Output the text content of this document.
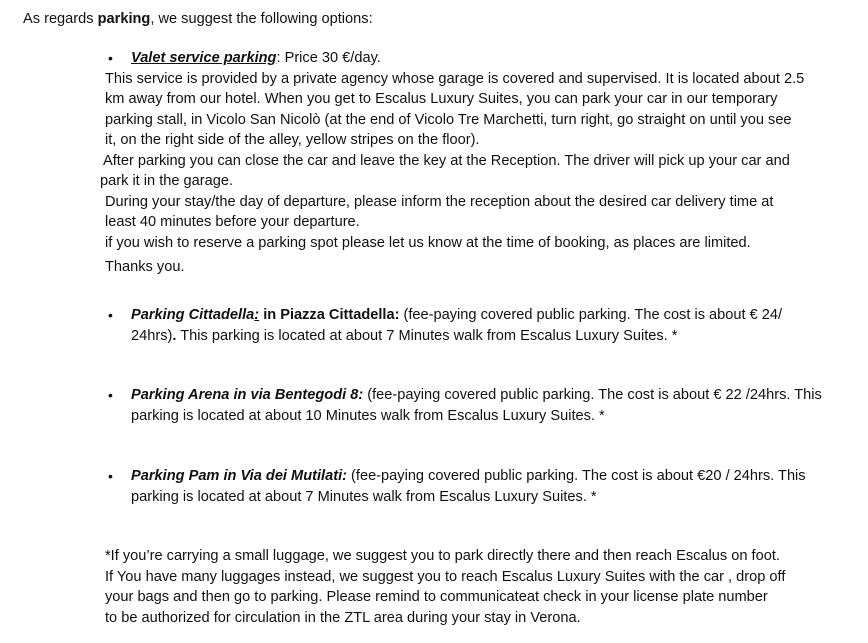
As regards parking, we suggest the following options:
• Valet service parking: Price 30 €/day.
This service is provided by a private agency whose garage is covered and supervised. It is located about 2.5
km away from our hotel. When you get to Escalus Luxury Suites, you can park your car in our temporary
parking stall, in Vicolo San Nicolò (at the end of Vicolo Tre Marchetti, turn right, go straight on until you see
it, on the right side of the alley, yellow stripes on the floor).
After parking you can close the car and leave the key at the Reception. The driver will pick up your car and
park it in the garage.
During your stay/the day of departure, please inform the reception about the desired car delivery time at
least 40 minutes before your departure.
if you wish to reserve a parking spot please let us know at the time of booking, as places are limited.
Thanks you.
• Parking Cittadella: in Piazza Cittadella: (fee-paying covered public parking. The cost is about € 24/
24hrs). This parking is located at about 7 Minutes walk from Escalus Luxury Suites. *
• Parking Arena in via Bentegodi 8: (fee-paying covered public parking. The cost is about € 22 /24hrs. This
parking is located at about 10 Minutes walk from Escalus Luxury Suites. *
• Parking Pam in Via dei Mutilati: (fee-paying covered public parking. The cost is about €20 / 24hrs. This
parking is located at about 7 Minutes walk from Escalus Luxury Suites. *
*If you’re carrying a small luggage, we suggest you to park directly there and then reach Escalus on foot.
If You have many luggages instead, we suggest you to reach Escalus Luxury Suites with the car , drop off
your bags and then go to parking. Please remind to communicateat check in your license plate number
to be authorized for circulation in the ZTL area during your stay in Verona.
